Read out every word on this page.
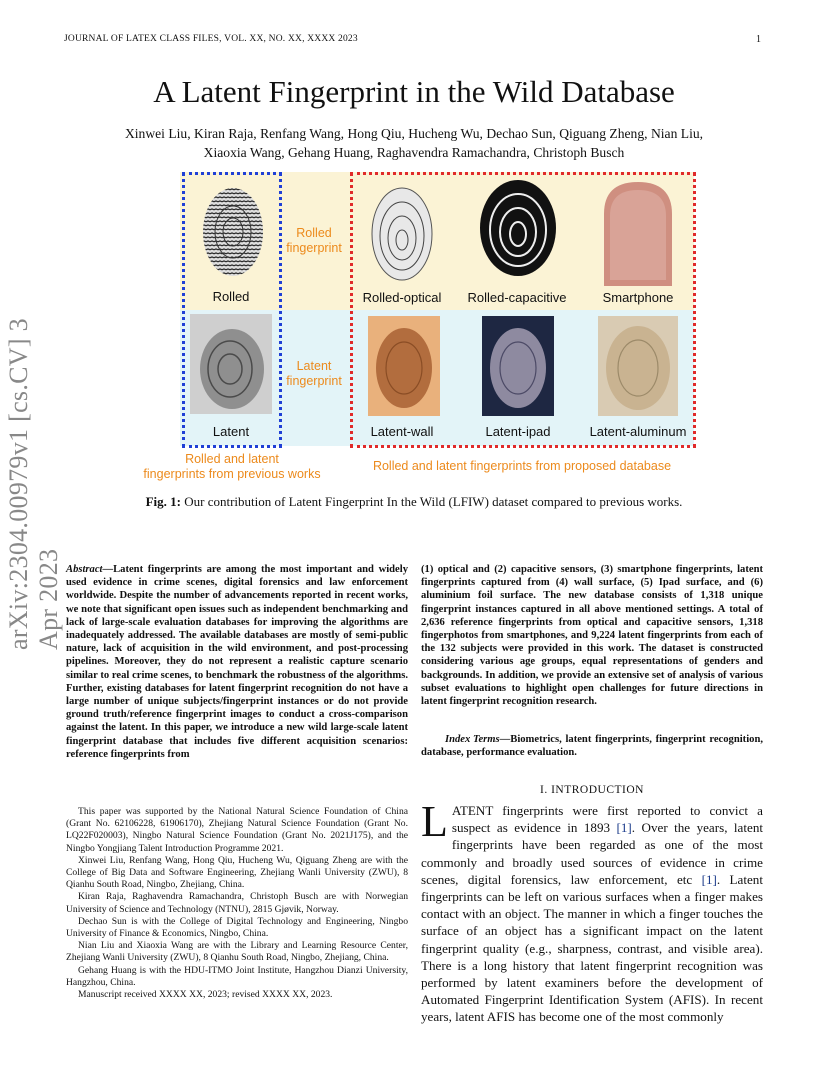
JOURNAL OF LATEX CLASS FILES, VOL. XX, NO. XX, XXXX 2023	1
A Latent Fingerprint in the Wild Database
Xinwei Liu, Kiran Raja, Renfang Wang, Hong Qiu, Hucheng Wu, Dechao Sun, Qiguang Zheng, Nian Liu,
Xiaoxia Wang, Gehang Huang, Raghavendra Ramachandra, Christoph Busch
arXiv:2304.00979v1 [cs.CV] 3 Apr 2023
Rolled
Latent
Rolled-optical	Rolled-capacitive	Smartphone
Latent-wall	Latent-ipad	Latent-aluminum
Rolled
fingerprint
Latent
fingerprint
Rolled and latent
fingerprints from previous works
Rolled and latent fingerprints from proposed database
Fig. 1: Our contribution of Latent Fingerprint In the Wild (LFIW) dataset compared to previous works.
Abstract—Latent fingerprints are among the most important and widely used evidence in crime scenes, digital forensics and law enforcement worldwide. Despite the number of advancements reported in recent works, we note that significant open issues such as independent benchmarking and lack of large-scale evaluation databases for improving the algorithms are inadequately addressed. The available databases are mostly of semi-public nature, lack of acquisition in the wild environment, and post-processing pipelines. Moreover, they do not represent a realistic capture scenario similar to real crime scenes, to benchmark the robustness of the algorithms. Further, existing databases for latent fingerprint recognition do not have a large number of unique subjects/fingerprint instances or do not provide ground truth/reference fingerprint images to conduct a cross-comparison against the latent. In this paper, we introduce a new wild large-scale latent fingerprint database that includes five different acquisition scenarios: reference fingerprints from
(1) optical and (2) capacitive sensors, (3) smartphone fingerprints, latent fingerprints captured from (4) wall surface, (5) Ipad surface, and (6) aluminium foil surface. The new database consists of 1,318 unique fingerprint instances captured in all above mentioned settings. A total of 2,636 reference fingerprints from optical and capacitive sensors, 1,318 fingerphotos from smartphones, and 9,224 latent fingerprints from each of the 132 subjects were provided in this work. The dataset is constructed considering various age groups, equal representations of genders and backgrounds. In addition, we provide an extensive set of analysis of various subset evaluations to highlight open challenges for future directions in latent fingerprint recognition research.
Index Terms—Biometrics, latent fingerprints, fingerprint recognition, database, performance evaluation.

This paper was supported by the National Natural Science Foundation of China (Grant No. 62106228, 61906170), Zhejiang Natural Science Foundation (Grant No. LQ22F020003), Ningbo Natural Science Foundation (Grant No. 2021J175), and the Ningbo Yongjiang Talent Introduction Programme 2021.

Xinwei Liu, Renfang Wang, Hong Qiu, Hucheng Wu, Qiguang Zheng are with the College of Big Data and Software Engineering, Zhejiang Wanli University (ZWU), 8 Qianhu South Road, Ningbo, Zhejiang, China.

Kiran Raja, Raghavendra Ramachandra, Christoph Busch are with Norwegian University of Science and Technology (NTNU), 2815 Gjøvik, Norway.

Dechao Sun is with the College of Digital Technology and Engineering, Ningbo University of Finance & Economics, Ningbo, China.

Nian Liu and Xiaoxia Wang are with the Library and Learning Resource Center, Zhejiang Wanli University (ZWU), 8 Qianhu South Road, Ningbo, Zhejiang, China.

Gehang Huang is with the HDU-ITMO Joint Institute, Hangzhou Dianzi University, Hangzhou, China.

Manuscript received XXXX XX, 2023; revised XXXX XX, 2023.

I. INTRODUCTION
LATENT fingerprints were first reported to convict a suspect as evidence in 1893 [1]. Over the years, latent fingerprints have been regarded as one of the most commonly and broadly used sources of evidence in crime scenes, digital forensics, law enforcement, etc [1]. Latent fingerprints can be left on various surfaces when a finger makes contact with an object. The manner in which a finger touches the surface of an object has a significant impact on the latent fingerprint quality (e.g., sharpness, contrast, and visible area). There is a long history that latent fingerprint recognition was performed by latent examiners before the development of Automated Fingerprint Identification System (AFIS). In recent years, latent AFIS has become one of the most commonly
